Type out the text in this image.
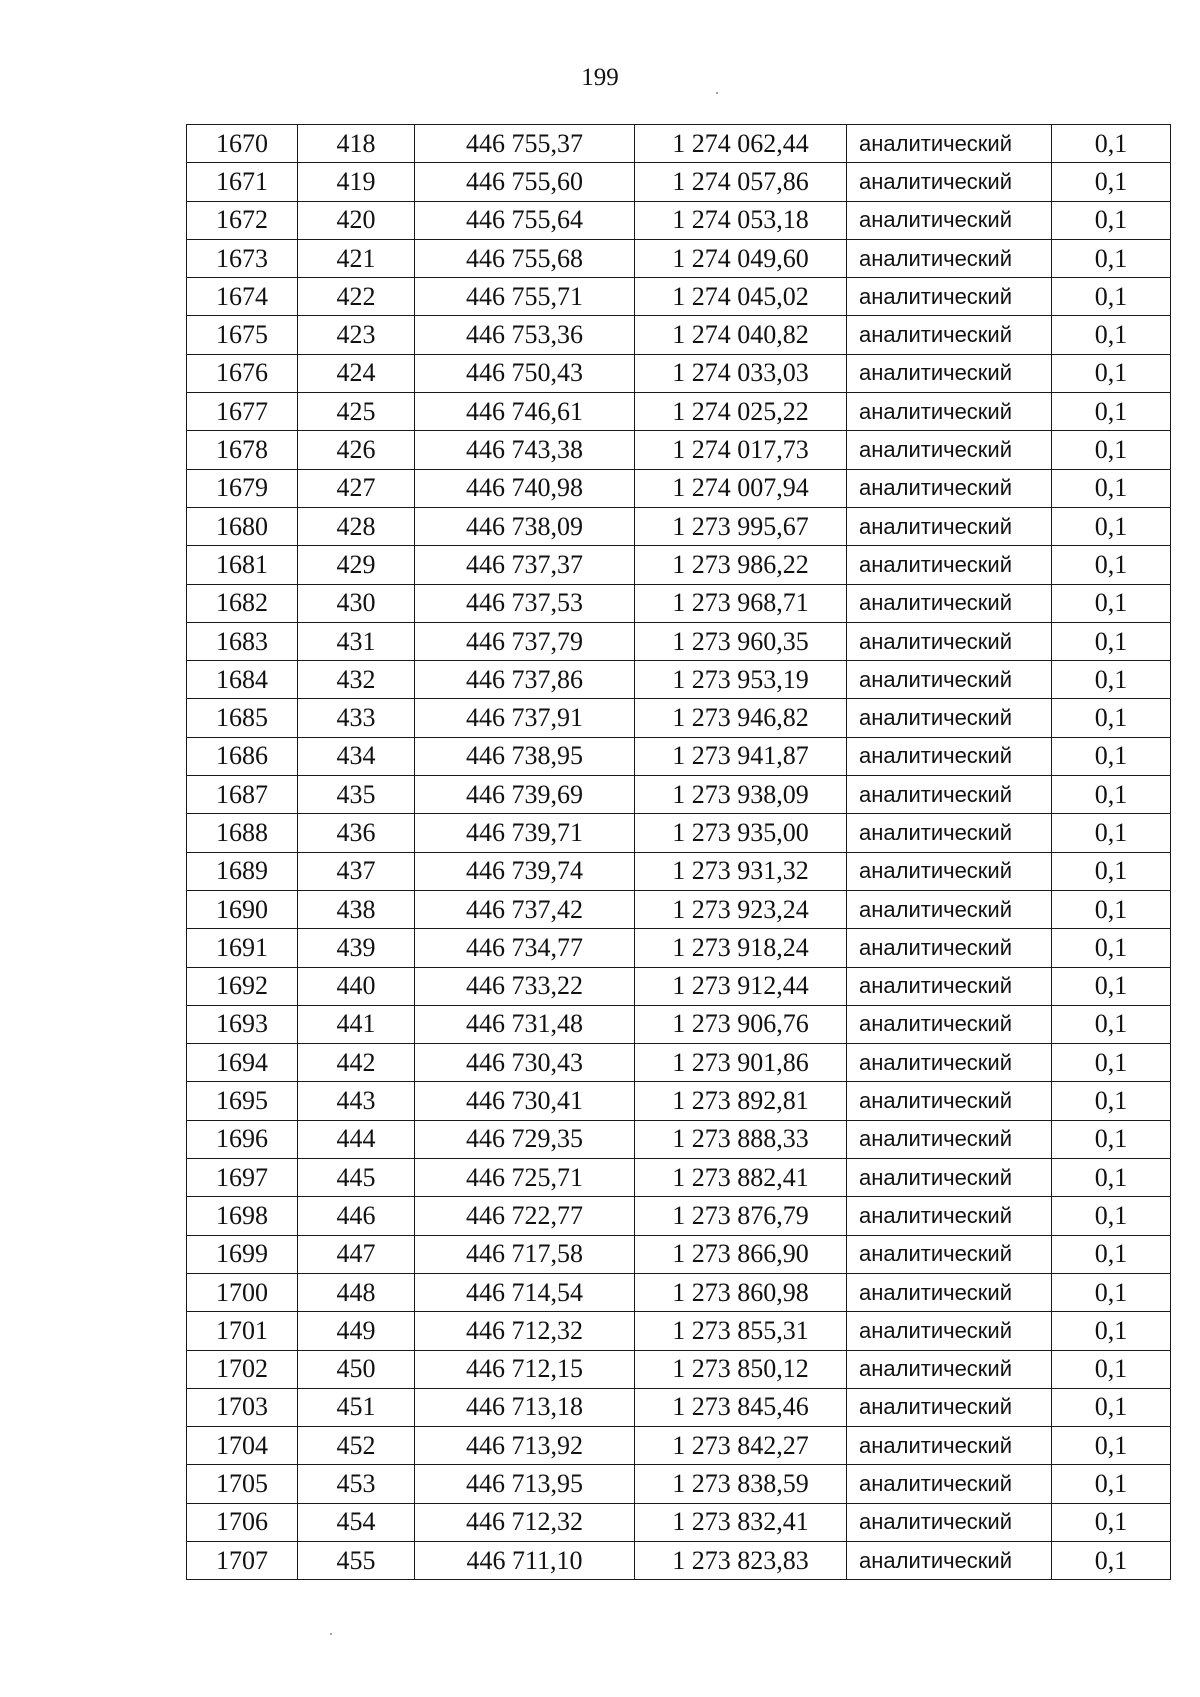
199
1670	418	446 755,37	1 274 062,44	аналитический	0,1
1671	419	446 755,60	1 274 057,86	аналитический	0,1
1672	420	446 755,64	1 274 053,18	аналитический	0,1
1673	421	446 755,68	1 274 049,60	аналитический	0,1
1674	422	446 755,71	1 274 045,02	аналитический	0,1
1675	423	446 753,36	1 274 040,82	аналитический	0,1
1676	424	446 750,43	1 274 033,03	аналитический	0,1
1677	425	446 746,61	1 274 025,22	аналитический	0,1
1678	426	446 743,38	1 274 017,73	аналитический	0,1
1679	427	446 740,98	1 274 007,94	аналитический	0,1
1680	428	446 738,09	1 273 995,67	аналитический	0,1
1681	429	446 737,37	1 273 986,22	аналитический	0,1
1682	430	446 737,53	1 273 968,71	аналитический	0,1
1683	431	446 737,79	1 273 960,35	аналитический	0,1
1684	432	446 737,86	1 273 953,19	аналитический	0,1
1685	433	446 737,91	1 273 946,82	аналитический	0,1
1686	434	446 738,95	1 273 941,87	аналитический	0,1
1687	435	446 739,69	1 273 938,09	аналитический	0,1
1688	436	446 739,71	1 273 935,00	аналитический	0,1
1689	437	446 739,74	1 273 931,32	аналитический	0,1
1690	438	446 737,42	1 273 923,24	аналитический	0,1
1691	439	446 734,77	1 273 918,24	аналитический	0,1
1692	440	446 733,22	1 273 912,44	аналитический	0,1
1693	441	446 731,48	1 273 906,76	аналитический	0,1
1694	442	446 730,43	1 273 901,86	аналитический	0,1
1695	443	446 730,41	1 273 892,81	аналитический	0,1
1696	444	446 729,35	1 273 888,33	аналитический	0,1
1697	445	446 725,71	1 273 882,41	аналитический	0,1
1698	446	446 722,77	1 273 876,79	аналитический	0,1
1699	447	446 717,58	1 273 866,90	аналитический	0,1
1700	448	446 714,54	1 273 860,98	аналитический	0,1
1701	449	446 712,32	1 273 855,31	аналитический	0,1
1702	450	446 712,15	1 273 850,12	аналитический	0,1
1703	451	446 713,18	1 273 845,46	аналитический	0,1
1704	452	446 713,92	1 273 842,27	аналитический	0,1
1705	453	446 713,95	1 273 838,59	аналитический	0,1
1706	454	446 712,32	1 273 832,41	аналитический	0,1
1707	455	446 711,10	1 273 823,83	аналитический	0,1
